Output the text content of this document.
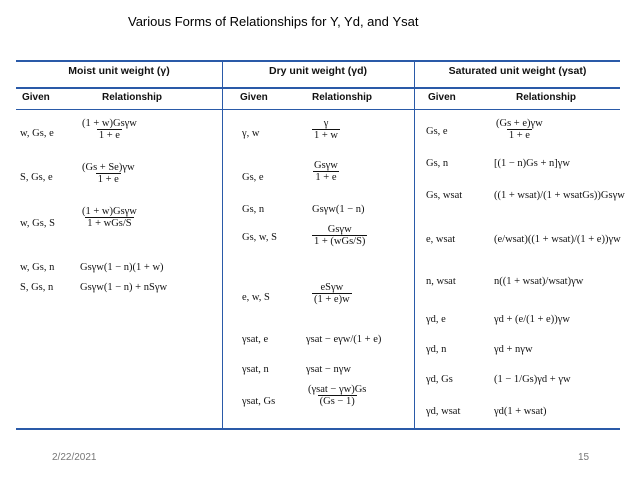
Various Forms of Relationships for Υ, Υd, and Υsat
Moist unit weight (γ)	Dry unit weight (γd)	Saturated unit weight (γsat)
Given	Relationship	Given	Relationship	Given	Relationship
w, Gs, e	$\frac{\text{(1 + w)Gsγw}}{1 + e}$
S, Gs, e	$\frac{(Gs + Se)\gamma w}{1 + e}$
w, Gs, S $\frac{\text{(1 + w)Gsγw}}{\text{1 + wGs/S}}$
w, Gs, n Gsγw(1 − n)(1 + w)
S, Gs, n	Gsγw(1 − n) + nSγw
γ, w	$\frac{\gamma}{1 + w}$
Gs, e	$\frac{\text{Gsγw}}{1 + e}$
Gs, n	Gsγw(1 − n)
Gs, w, S	$\frac{\text{Gsγw}}{\text{1 + (wGs/S)}}$
e, w, S	$\frac{\text{eSγw}}{(1 + e)w}$
γsat, e	γsat − eγw/(1 + e)
γsat, n	γsat − nγw
γsat, Gs	$\frac{\text{(γsat − γw)Gs}}{(Gs - 1)}$
Gs, e	$\frac{(Gs + e)\gamma w}{1 + e}$
Gs, n	[(1 − n)Gs + n]γw
Gs, wsat	((1 + wsat)/(1 + wsatGs))Gsγw
e, wsat	(e/wsat)((1 + wsat)/(1 + e))γw
n, wsat	n((1 + wsat)/wsat)γw
γd, e	γd + (e/(1 + e))γw
γd, n	γd + nγw
γd, Gs	(1 − 1/Gs)γd + γw
γd, wsat	γd(1 + wsat)
2/22/2021	15
